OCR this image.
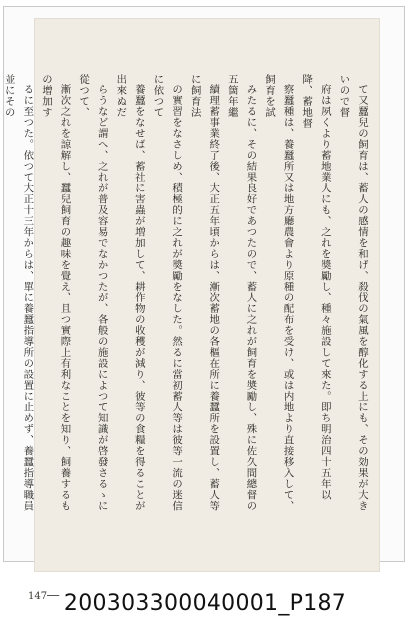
て又蠶兒の飼育は、蓄人の感情を和げ、殺伐の氣風を醇化する上にも、その効果が大きいので督

府は夙くより蓄地業人にも、之れを奬勵し、種々施設して來た。即ち明治四十五年以降、蓄地督

察蠶種は、養蠶所又は地方廳農會より原種の配布を受け、或は内地より直接移入して、飼育を試

みたるに、その結果良好であつたので、蓄人に之れが飼育を奬勵し、殊に佐久間總督の五箇年繼

續理蓄事業終了後、大正五年頃からは、漸次蓄地の各樞在所に養蠶所を設置し、蓄人等に飼育法

の實習をなさしめ、積極的に之れが奬勵をなした。然るに當初蓄人等は彼等一流の迷信に依つて

養蠶をなせば、蓄社に害蟲が増加して、耕作物の收穫が減り、彼等の食糧を得ることが出來ぬだ

らうなど謂へ、之れが普及容易でなかつたが、各般の施設によつて知識が啓發さるゝに從つて、

漸次之れを諒解し、蠶兒飼育の趣味を覺え、且つ實際上有利なことを知り、飼養するもの增加す

るに至つた。依つて大正十三年からは、單に養蠶指導所の設置に止めず、養蠶指導職員並にその

147── 200303300040001_P187
